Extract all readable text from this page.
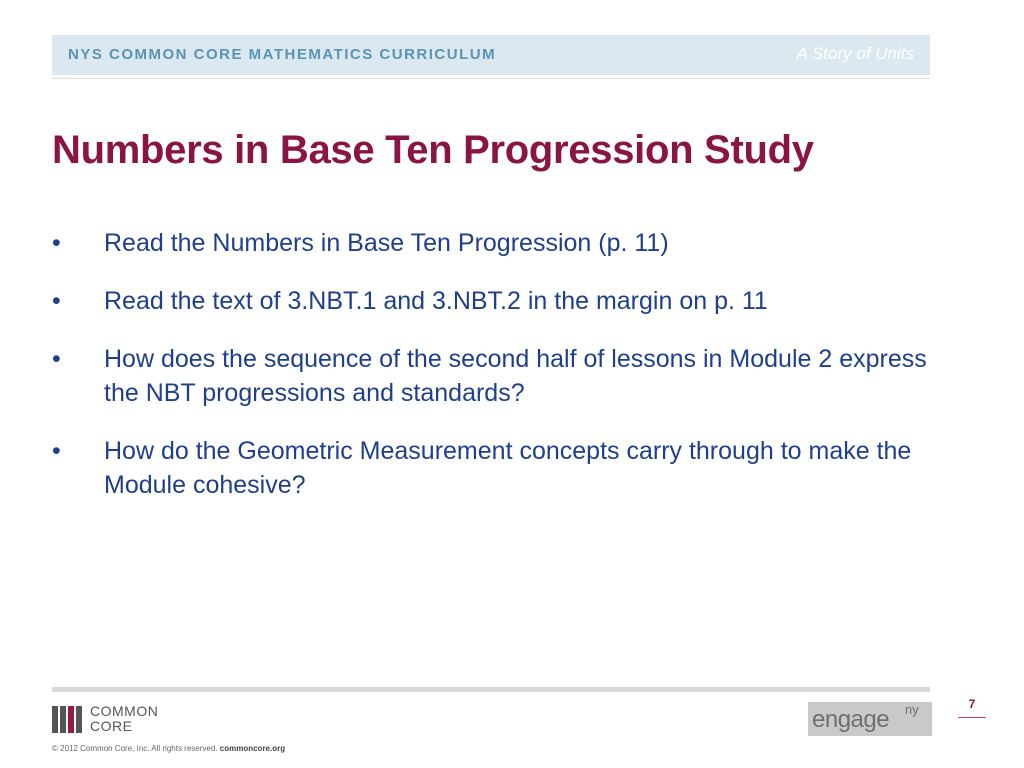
NYS COMMON CORE MATHEMATICS CURRICULUM	A Story of Units
Numbers in Base Ten Progression Study
•	Read the Numbers in Base Ten Progression (p. 11)
•	Read the text of 3.NBT.1 and 3.NBT.2 in the margin on p. 11
•	How does the sequence of the second half of lessons in Module 2 express the NBT progressions and standards?
•	How do the Geometric Measurement concepts carry through to make the Module cohesive?
COMMON
CORE
© 2012 Common Core, Inc. All rights reserved. commoncore.org
engage ny	7
